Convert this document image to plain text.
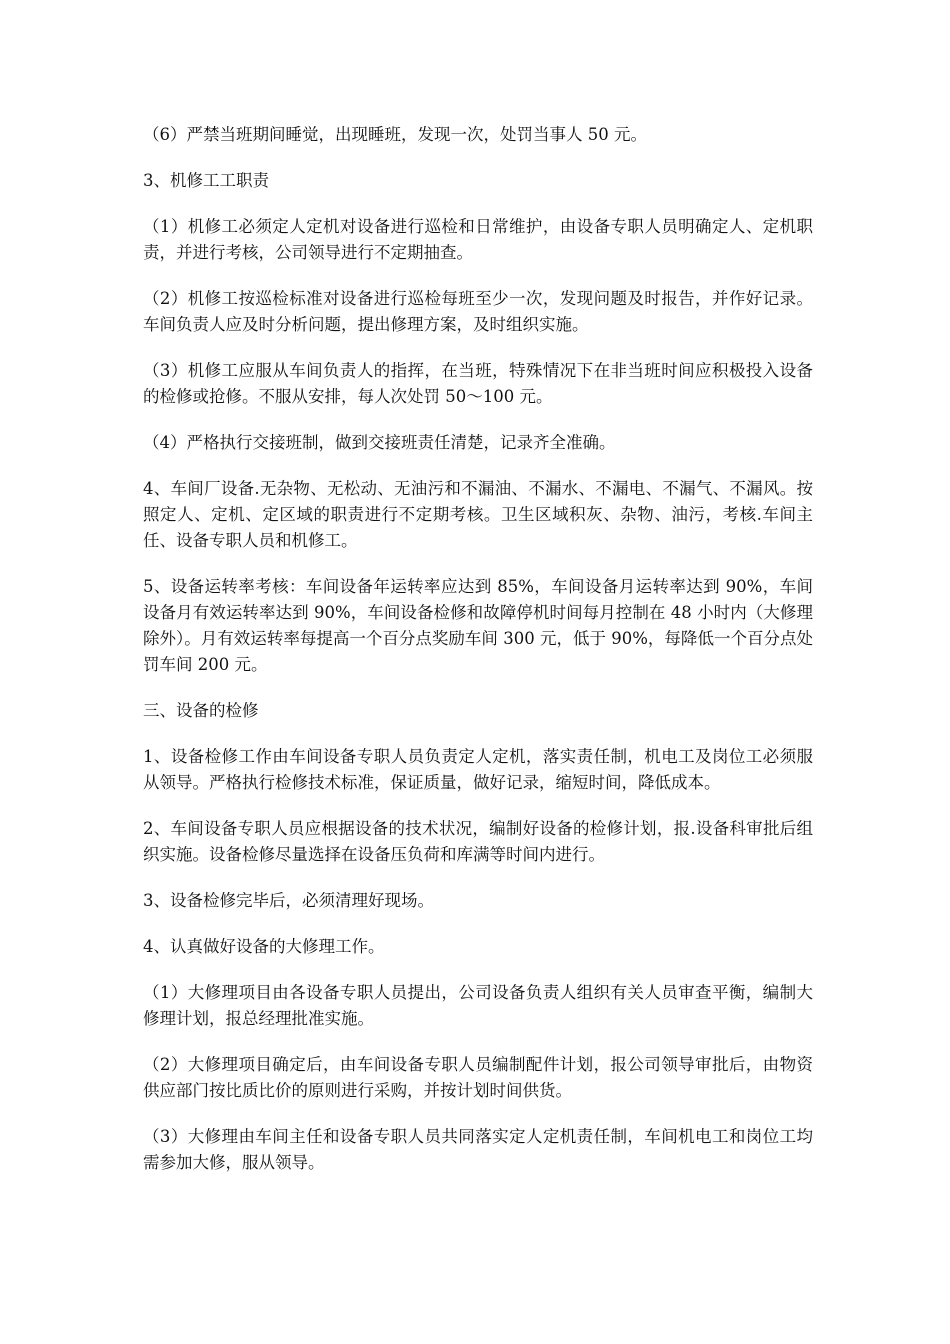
（6）严禁当班期间睡觉，出现睡班，发现一次，处罚当事人 50 元。

3、机修工工职责

（1）机修工必须定人定机对设备进行巡检和日常维护，由设备专职人员明确定人、定机职责，并进行考核，公司领导进行不定期抽查。

（2）机修工按巡检标准对设备进行巡检每班至少一次，发现问题及时报告，并作好记录。车间负责人应及时分析问题，提出修理方案，及时组织实施。

（3）机修工应服从车间负责人的指挥，在当班，特殊情况下在非当班时间应积极投入设备的检修或抢修。不服从安排，每人次处罚 50～100 元。

（4）严格执行交接班制，做到交接班责任清楚，记录齐全准确。

4、车间厂设备.无杂物、无松动、无油污和不漏油、不漏水、不漏电、不漏气、不漏风。按照定人、定机、定区域的职责进行不定期考核。卫生区域积灰、杂物、油污，考核.车间主任、设备专职人员和机修工。

5、设备运转率考核：车间设备年运转率应达到 85%，车间设备月运转率达到 90%，车间设备月有效运转率达到 90%，车间设备检修和故障停机时间每月控制在 48 小时内（大修理除外）。月有效运转率每提高一个百分点奖励车间 300 元，低于 90%，每降低一个百分点处罚车间 200 元。

三、设备的检修

1、设备检修工作由车间设备专职人员负责定人定机，落实责任制，机电工及岗位工必须服从领导。严格执行检修技术标准，保证质量，做好记录，缩短时间，降低成本。

2、车间设备专职人员应根据设备的技术状况，编制好设备的检修计划，报.设备科审批后组织实施。设备检修尽量选择在设备压负荷和库满等时间内进行。

3、设备检修完毕后，必须清理好现场。

4、认真做好设备的大修理工作。

（1）大修理项目由各设备专职人员提出，公司设备负责人组织有关人员审查平衡，编制大修理计划，报总经理批准实施。

（2）大修理项目确定后，由车间设备专职人员编制配件计划，报公司领导审批后，由物资供应部门按比质比价的原则进行采购，并按计划时间供货。

（3）大修理由车间主任和设备专职人员共同落实定人定机责任制，车间机电工和岗位工均需参加大修，服从领导。
